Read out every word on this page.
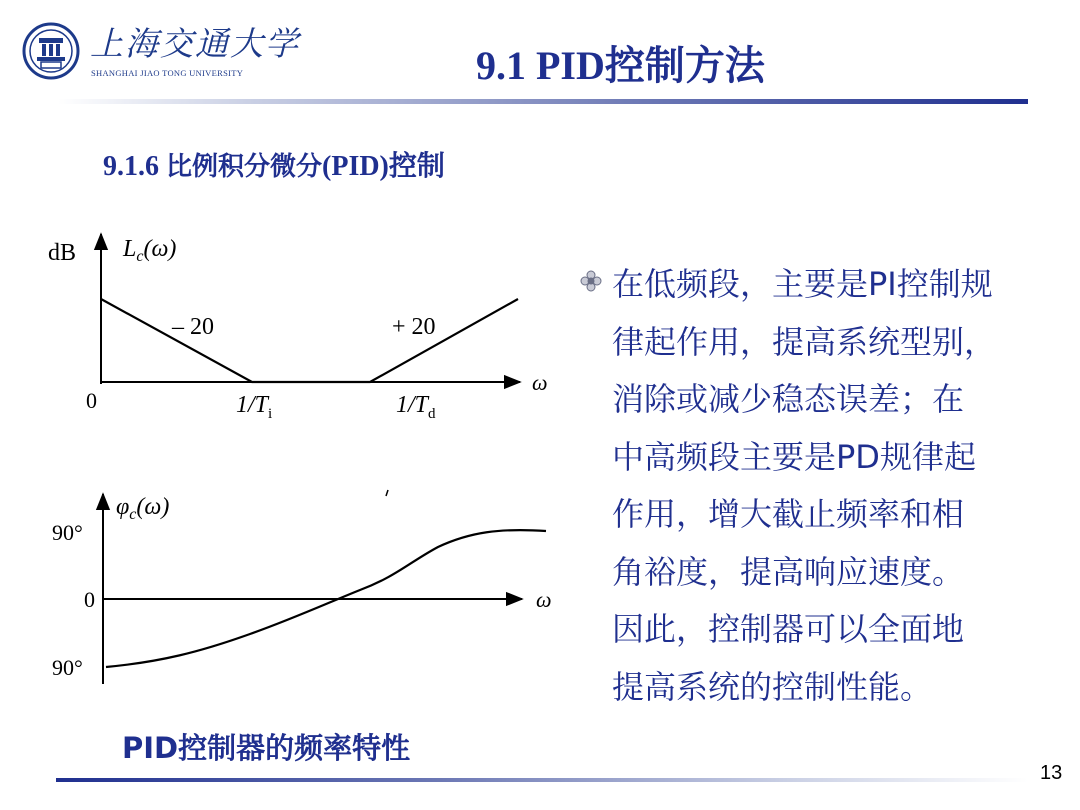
上海交通大学
SHANGHAI JIAO TONG UNIVERSITY	9.1 PID控制方法
9.1.6 比例积分微分(PID)控制
dB $L_c(\omega)$
0
ω
– 20	+ 20
$1/T_i$	$1/T_d$
$\varphi_c(\omega)$
90°
0
90°
ω
PID控制器的频率特性
在低频段，主要是PI控制规
律起作用，提高系统型别，
消除或减少稳态误差；在
中高频段主要是PD规律起
作用，增大截止频率和相
角裕度，提高响应速度。
因此，控制器可以全面地
提高系统的控制性能。
13
